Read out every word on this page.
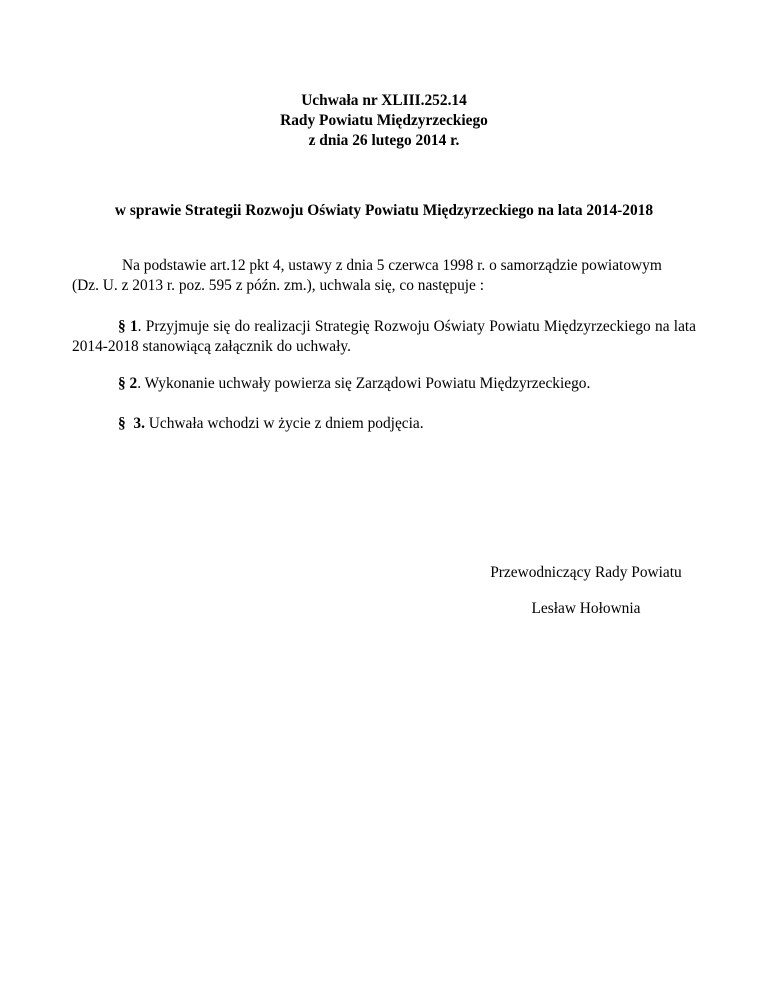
Uchwała nr XLIII.252.14
Rady Powiatu Międzyrzeckiego
z dnia 26 lutego 2014 r.
w sprawie Strategii Rozwoju Oświaty Powiatu Międzyrzeckiego na lata 2014-2018
Na podstawie art.12 pkt 4, ustawy z dnia 5 czerwca 1998 r. o samorządzie powiatowym
(Dz. U. z 2013 r. poz. 595 z późn. zm.), uchwala się, co następuje :
§ 1. Przyjmuje się do realizacji Strategię Rozwoju Oświaty Powiatu Międzyrzeckiego na lata 2014-2018 stanowiącą załącznik do uchwały.
§ 2. Wykonanie uchwały powierza się Zarządowi Powiatu Międzyrzeckiego.
§  3. Uchwała wchodzi w życie z dniem podjęcia.
Przewodniczący Rady Powiatu
Lesław Hołownia
